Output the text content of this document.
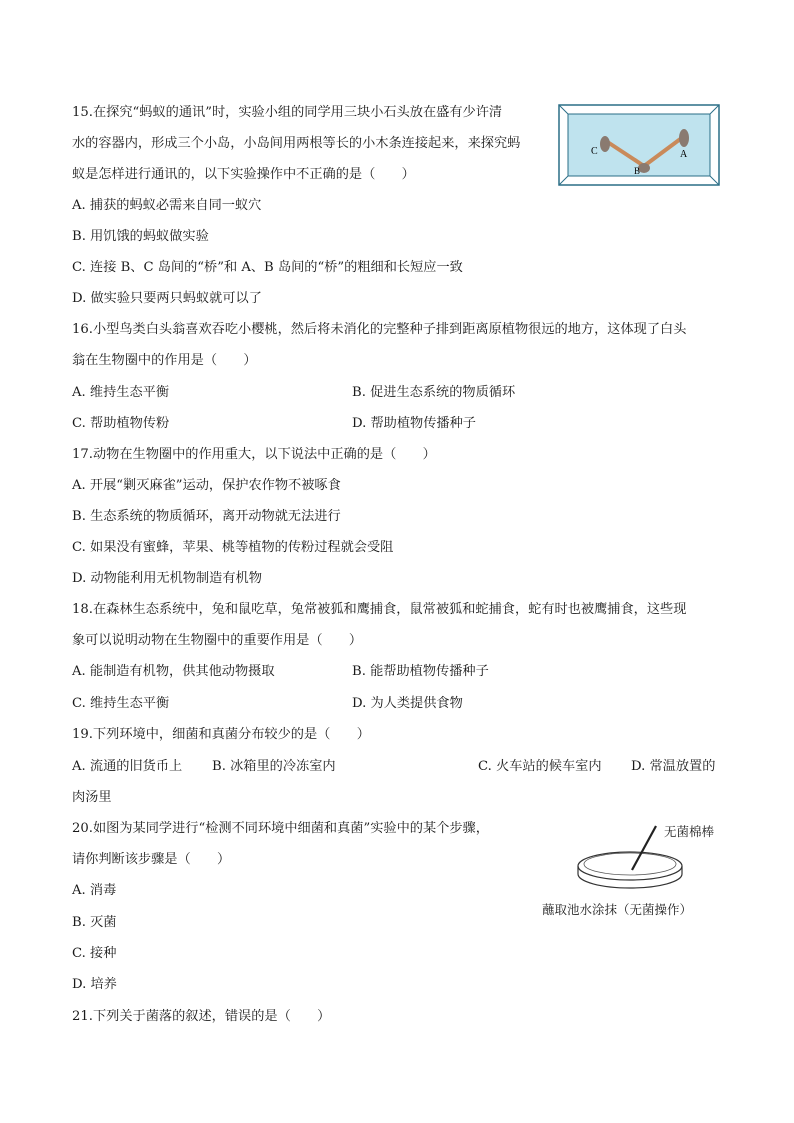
15.在探究“蚂蚁的通讯”时，实验小组的同学用三块小石头放在盛有少许清
水的容器内，形成三个小岛，小岛间用两根等长的小木条连接起来，来探究蚂
蚁是怎样进行通讯的，以下实验操作中不正确的是（　　）
C
B
A
A. 捕获的蚂蚁必需来自同一蚁穴
B. 用饥饿的蚂蚁做实验
C. 连接 B、C 岛间的“桥”和 A、B 岛间的“桥”的粗细和长短应一致
D. 做实验只要两只蚂蚁就可以了
16.小型鸟类白头翁喜欢吞吃小樱桃，然后将未消化的完整种子排到距离原植物很远的地方，这体现了白头
翁在生物圈中的作用是（　　）
A. 维持生态平衡	B. 促进生态系统的物质循环
C. 帮助植物传粉	D. 帮助植物传播种子
17.动物在生物圈中的作用重大，以下说法中正确的是（　　）
A. 开展“剿灭麻雀”运动，保护农作物不被啄食
B. 生态系统的物质循环，离开动物就无法进行
C. 如果没有蜜蜂，苹果、桃等植物的传粉过程就会受阻
D. 动物能利用无机物制造有机物
18.在森林生态系统中，兔和鼠吃草，兔常被狐和鹰捕食，鼠常被狐和蛇捕食，蛇有时也被鹰捕食，这些现
象可以说明动物在生物圈中的重要作用是（　　）
A. 能制造有机物，供其他动物摄取	B. 能帮助植物传播种子
C. 维持生态平衡	D. 为人类提供食物
19.下列环境中，细菌和真菌分布较少的是（　　）
A. 流通的旧货币上 B. 冰箱里的冷冻室内	C. 火车站的候车室内 D. 常温放置的
肉汤里
20.如图为某同学进行“检测不同环境中细菌和真菌”实验中的某个步骤，
请你判断该步骤是（　　）
无菌棉棒
蘸取池水涂抹（无菌操作）
A. 消毒
B. 灭菌
C. 接种
D. 培养
21.下列关于菌落的叙述，错误的是（　　）
